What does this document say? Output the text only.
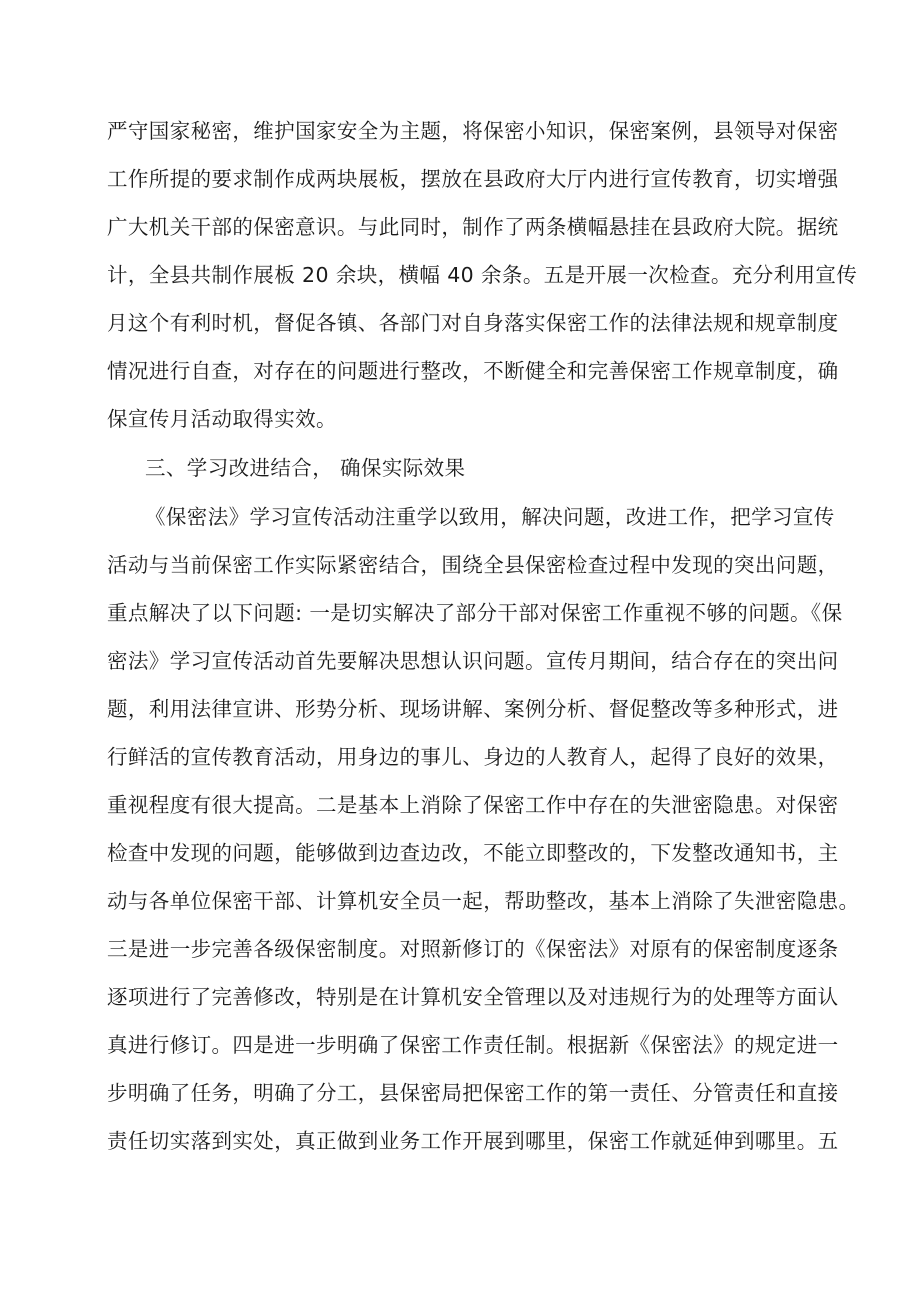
严守国家秘密，维护国家安全为主题，将保密小知识，保密案例，县领导对保密
工作所提的要求制作成两块展板，摆放在县政府大厅内进行宣传教育，切实增强
广大机关干部的保密意识。与此同时，制作了两条横幅悬挂在县政府大院。据统
计，全县共制作展板 20 余块，横幅 40 余条。五是开展一次检查。充分利用宣传
月这个有利时机，督促各镇、各部门对自身落实保密工作的法律法规和规章制度
情况进行自查，对存在的问题进行整改，不断健全和完善保密工作规章制度，确
保宣传月活动取得实效。
三、学习改进结合， 确保实际效果
《保密法》学习宣传活动注重学以致用，解决问题，改进工作，把学习宣传
活动与当前保密工作实际紧密结合，围绕全县保密检查过程中发现的突出问题，
重点解决了以下问题: 一是切实解决了部分干部对保密工作重视不够的问题。《保
密法》学习宣传活动首先要解决思想认识问题。宣传月期间，结合存在的突出问
题，利用法律宣讲、形势分析、现场讲解、案例分析、督促整改等多种形式，进
行鲜活的宣传教育活动，用身边的事儿、身边的人教育人，起得了良好的效果，
重视程度有很大提高。二是基本上消除了保密工作中存在的失泄密隐患。对保密
检查中发现的问题，能够做到边查边改，不能立即整改的，下发整改通知书，主
动与各单位保密干部、计算机安全员一起，帮助整改，基本上消除了失泄密隐患。
三是进一步完善各级保密制度。对照新修订的《保密法》对原有的保密制度逐条
逐项进行了完善修改，特别是在计算机安全管理以及对违规行为的处理等方面认
真进行修订。四是进一步明确了保密工作责任制。根据新《保密法》的规定进一
步明确了任务，明确了分工，县保密局把保密工作的第一责任、分管责任和直接
责任切实落到实处，真正做到业务工作开展到哪里，保密工作就延伸到哪里。五
